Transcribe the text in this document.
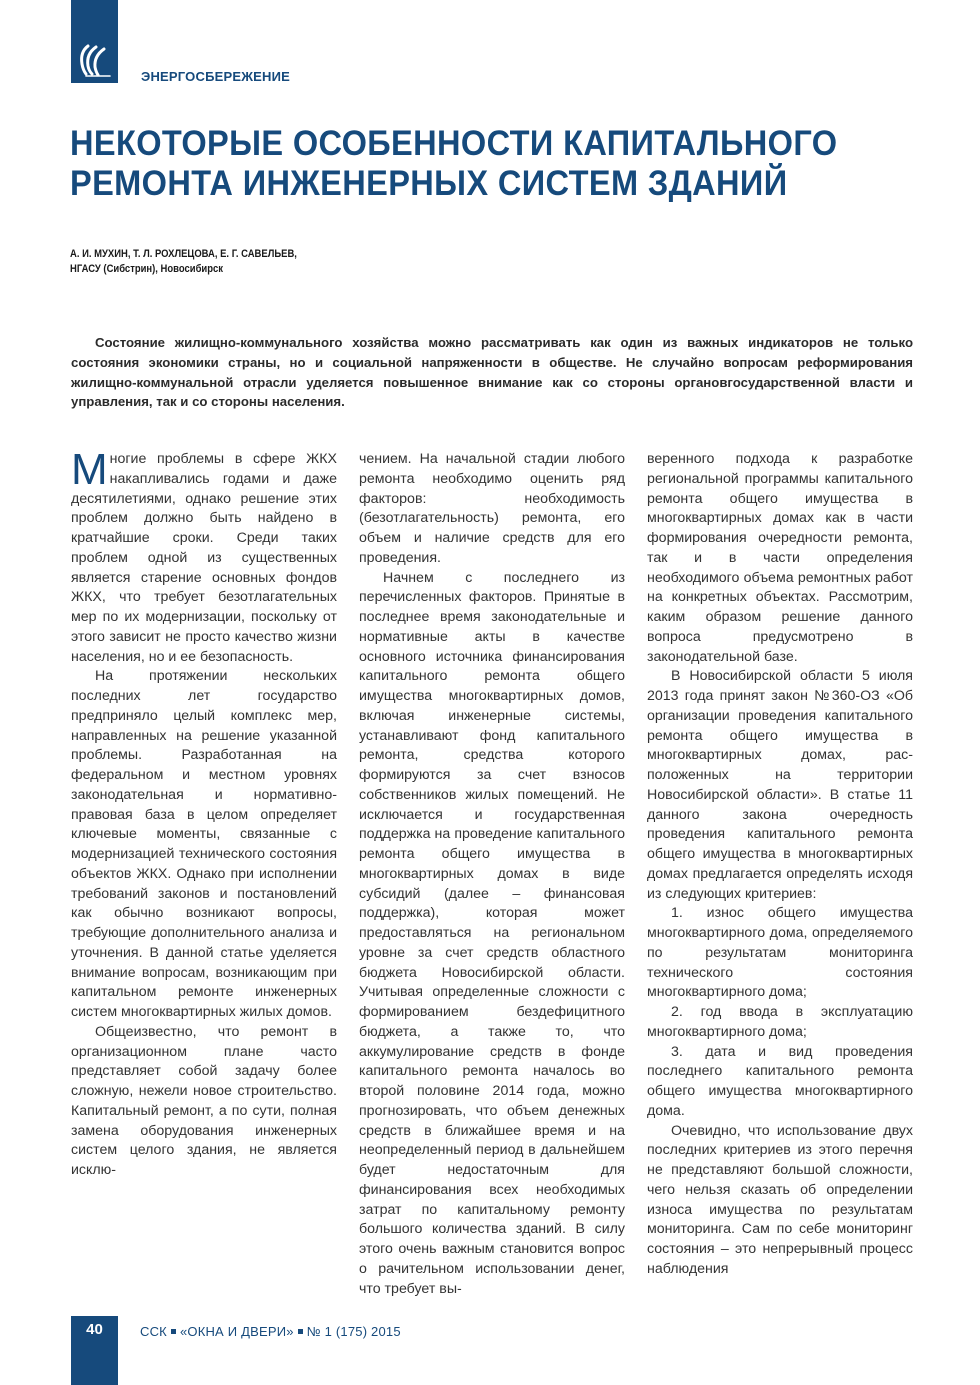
ЭНЕРГОСБЕРЕЖЕНИЕ
НЕКОТОРЫЕ ОСОБЕННОСТИ КАПИТАЛЬНОГО
РЕМОНТА ИНЖЕНЕРНЫХ СИСТЕМ ЗДАНИЙ
А. И. МУХИН, Т. Л. РОХЛЕЦОВА, Е. Г. САВЕЛЬЕВ,
НГАСУ (Сибстрин), Новосибирск

Состояние жилищно-коммунального хозяйства можно рассматривать как один из важных индикаторов не только состояния экономики страны, но и социальной напряженности в обществе. Не случайно вопросам реформирования жилищно-коммунальной отрасли уделяется повышенное внимание как со стороны органовгосударственной власти и управления, так и со стороны населения.

Многие проблемы в сфере ЖКХ накапливались годами и даже десятилетиями, однако решение этих проблем должно быть найдено в кратчайшие сроки. Среди таких проблем одной из существенных является старение основных фондов ЖКХ, что требует безотлагательных мер по их модернизации, поскольку от этого зависит не просто качество жизни населения, но и ее безопасность.

На протяжении нескольких последних лет государство предприняло целый комплекс мер, направленных на решение указанной проблемы. Разработанная на федеральном и местном уровнях законодательная и нормативно-правовая база в целом определяет ключевые моменты, связанные с модернизацией технического состояния объектов ЖКХ. Однако при исполнении требований законов и постановлений как обычно возникают вопросы, требующие дополнительного анализа и уточнения. В данной статье уделяется внимание вопросам, возникающим при капитальном ремонте инженерных систем многоквартирных жилых домов.

Общеизвестно, что ремонт в организационном плане часто представляет собой задачу более сложную, нежели новое строительство. Капитальный ремонт, а по сути, полная замена оборудования инженерных систем целого здания, не является исклю-

чением. На начальной стадии любого ремонта необходимо оценить ряд факторов: необходимость (безотлагательность) ремонта, его объем и наличие средств для его проведения.

Начнем с последнего из перечисленных факторов. Принятые в последнее время законодательные и нормативные акты в качестве основного источника финансирования капитального ремонта общего имущества многоквартирных домов, включая инженерные системы, устанавливают фонд капитального ремонта, средства которого формируются за счет взносов собственников жилых помещений. Не исключается и государственная поддержка на проведение капитального ремонта общего имущества в многоквартирных домах в виде субсидий (далее – финансовая поддержка), которая может предоставляться на региональном уровне за счет средств областного бюджета Новосибирской области. Учитывая определенные сложности с формированием бездефицитного бюджета, а также то, что аккумулирование средств в фонде капитального ремонта началось во второй половине 2014 года, можно прогнозировать, что объем денежных средств в ближайшее время и на неопределенный период в дальнейшем будет недостаточным для финансирования всех необходимых затрат по капитальному ремонту большого количества зданий. В силу этого очень важным становится вопрос о рачительном использовании денег, что требует вы-

веренного подхода к разработке региональной программы капитального ремонта общего имущества в многоквартирных домах как в части формирования очередности ремонта, так и в части определения необходимого объема ремонтных работ на конкретных объектах. Рассмотрим, каким образом решение данного вопроса предусмотрено в законодательной базе.

В Новосибирской области 5 июля 2013 года принят закон №360-ОЗ «Об организации проведения капитального ремонта общего имущества в многоквартирных домах, рас-положенных на территории Новосибирской области». В статье 11 данного закона очередность проведения капитального ремонта общего имущества в многоквартирных домах предлагается определять исходя из следующих критериев:

1. износ общего имущества многоквартирного дома, определяемого по результатам мониторинга технического состояния многоквартирного дома;

2. год ввода в эксплуатацию многоквартирного дома;

3. дата и вид проведения последнего капитального ремонта общего имущества многоквартирного дома.

Очевидно, что использование двух последних критериев из этого перечня не представляют большой сложности, чего нельзя сказать об определении износа имущества по результатам мониторинга. Сам по себе мониторинг состояния – это непрерывный процесс наблюдения

40	ССК «ОКНА И ДВЕРИ» № 1 (175) 2015
